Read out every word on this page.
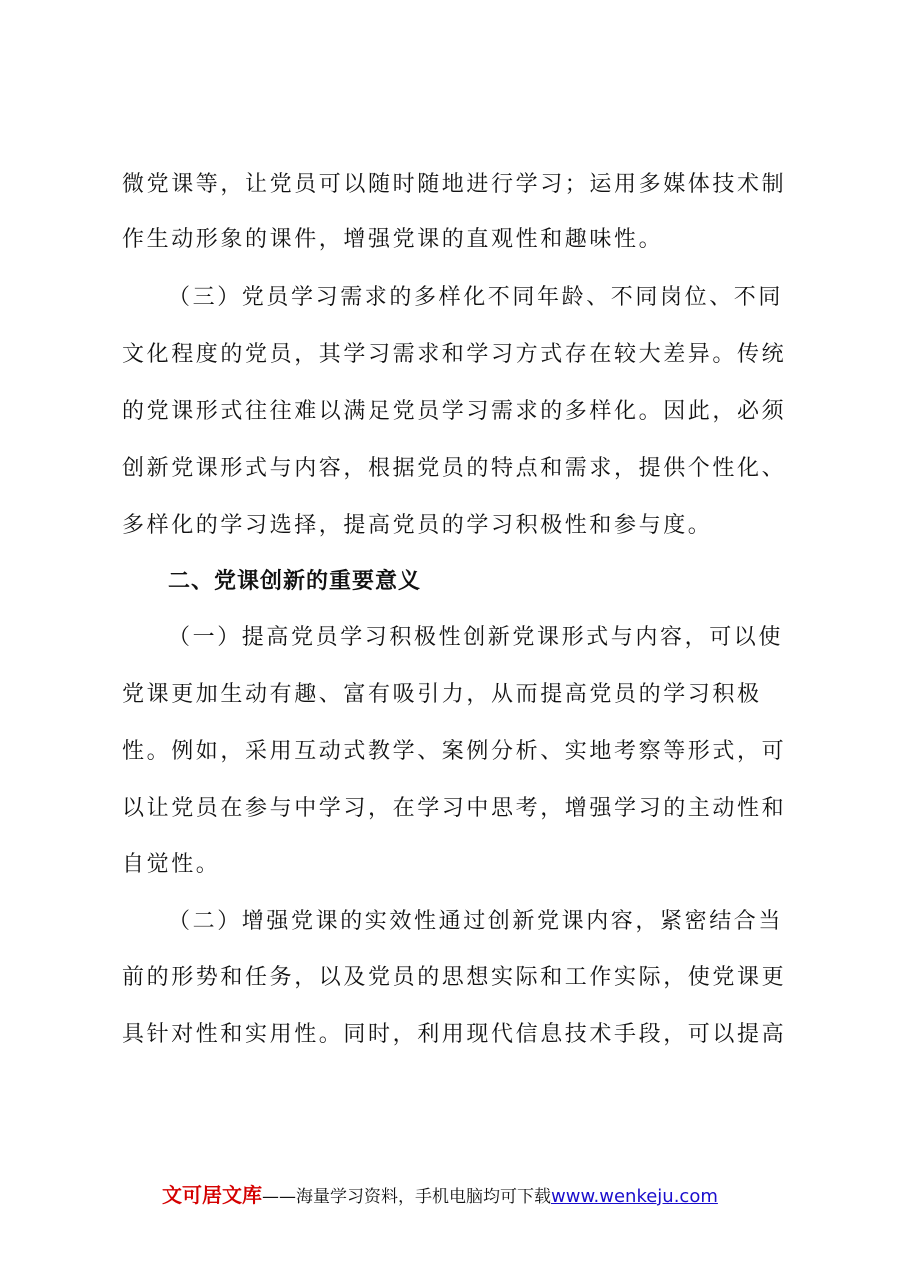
微党课等，让党员可以随时随地进行学习；运用多媒体技术制
作生动形象的课件，增强党课的直观性和趣味性。
（三）党员学习需求的多样化不同年龄、不同岗位、不同
文化程度的党员，其学习需求和学习方式存在较大差异。传统
的党课形式往往难以满足党员学习需求的多样化。因此，必须
创新党课形式与内容，根据党员的特点和需求，提供个性化、
多样化的学习选择，提高党员的学习积极性和参与度。
二、党课创新的重要意义
（一）提高党员学习积极性创新党课形式与内容，可以使
党课更加生动有趣、富有吸引力，从而提高党员的学习积极
性。例如，采用互动式教学、案例分析、实地考察等形式，可
以让党员在参与中学习，在学习中思考，增强学习的主动性和
自觉性。
（二）增强党课的实效性通过创新党课内容，紧密结合当
前的形势和任务，以及党员的思想实际和工作实际，使党课更
具针对性和实用性。同时，利用现代信息技术手段，可以提高
文可居文库——海量学习资料，手机电脑均可下载www.wenkeju.com
